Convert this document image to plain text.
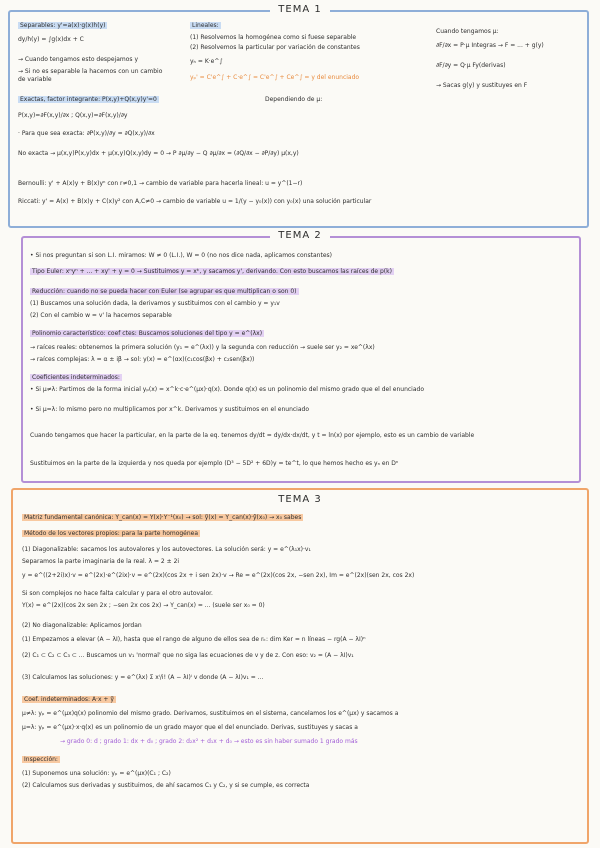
TEMA 1
Separables: y'=a(x)·g(x)h(y)
dy/h(y) = ∫g(x)dx + C
→ Cuando tengamos esto despejamos y
→ Si no es separable la hacemos con un cambio de variable
Exactas, factor integrante: P(x,y)+Q(x,y)y'=0
P(x,y)=∂F(x,y)/∂x ; Q(x,y)=∂F(x,y)/∂y
· Para que sea exacta: ∂P(x,y)/∂y = ∂Q(x,y)/∂x
No exacta → μ(x,y)P(x,y)dx + μ(x,y)Q(x,y)dy = 0 → P ∂μ/∂y − Q ∂μ/∂x = (∂Q/∂x − ∂P/∂y) μ(x,y)
Bernoulli: y' + A(x)y + B(x)yⁿ con r≠0,1 → cambio de variable para hacerla lineal: u = y^(1−r)
Riccati: y' = A(x) + B(x)y + C(x)y² con A,C≠0 → cambio de variable u = 1/(y − y₀(x)) con y₀(x) una solución particular
Lineales:
(1) Resolvemos la homogénea como si fuese separable
(2) Resolvemos la particular por variación de constantes
yₕ = K·e^∫
yₚ' = C'e^∫ + C·e^∫ = C'e^∫ + Ce^∫ = y del enunciado
Dependiendo de μ:
Cuando tengamos μ:
∂F/∂x = P·μ Integras → F = ... + g(y)
∂F/∂y = Q·μ Fy(derivas)
→ Sacas g(y) y sustituyes en F
TEMA 2
• Si nos preguntan si son L.I. miramos: W ≠ 0 (L.I.), W = 0 (no nos dice nada, aplicamos constantes)
Tipo Euler: xⁿyⁿ + ... + xy' + y = 0 → Sustituimos y = xᵏ, y sacamos y', derivando. Con esto buscamos las raíces de p(k)
Reducción: cuando no se pueda hacer con Euler (se agrupar es que multiplican o son 0)
(1) Buscamos una solución dada, la derivamos y sustituimos con el cambio y = y₁v
(2) Con el cambio w = v' la hacemos separable
Polinomio característico: coef ctes: Buscamos soluciones del tipo y = e^(λx)
→ raíces reales: obtenemos la primera solución (y₁ = e^(λx)) y la segunda con reducción → suele ser y₂ = xe^(λx)
→ raíces complejas: λ = α ± iβ → sol: y(x) = e^(αx)(c₁cos(βx) + c₂sen(βx))
Coeficientes indeterminados:
• Si μ≠λ: Partimos de la forma inicial yₚ(x) = x^k·c·e^(μx)·q(x). Donde q(x) es un polinomio del mismo grado que el del enunciado
• Si μ=λ: lo mismo pero no multiplicamos por x^k. Derivamos y sustituimos en el enunciado
Cuando tengamos que hacer la particular, en la parte de la eq. tenemos dy/dt = dy/dx·dx/dt, y t = ln(x) por ejemplo, esto es un cambio de variable
Sustituimos en la parte de la izquierda y nos queda por ejemplo (D³ − 5D² + 6D)y = te^t, lo que hemos hecho es yₙ en Dⁿ
TEMA 3
Matriz fundamental canónica: Y_can(x) = Y(x)·Y⁻¹(x₀) → sol: ỹ(x) = Y_can(x)·ỹ(x₀) → x₀ sabes
Método de los vectores propios: para la parte homogénea
(1) Diagonalizable: sacamos los autovalores y los autovectores. La solución será: y = e^(λ₁x)·v₁
Separamos la parte imaginaria de la real. λ = 2 ± 2i
y = e^((2+2i)x)·v = e^(2x)·e^(2ix)·v = e^(2x)(cos 2x + i sen 2x)·v → Re = e^(2x)(cos 2x, −sen 2x), Im = e^(2x)(sen 2x, cos 2x)
Si son complejos no hace falta calcular y para el otro autovalor.
Y(x) = e^(2x)(cos 2x sen 2x ; −sen 2x cos 2x) → Y_can(x) = ... (suele ser x₀ = 0)
(2) No diagonalizable: Aplicamos Jordan
(1) Empezamos a elevar (A − λI), hasta que el rango de alguno de ellos sea de rₖ: dim Ker = n líneas − rg(A − λI)ⁿ
(2) C₁ ⊂ C₂ ⊂ C₃ ⊂ ... Buscamos un v₁ 'normal' que no siga las ecuaciones de v y de z. Con eso: v₂ = (A − λI)v₁
(3) Calculamos las soluciones: y = e^(λx) Σ xⁱ/i! (A − λI)ⁱ v donde (A − λI)v₁ = ...
Coef. indeterminados: A·x + ỹ
μ≠λ: yₚ = e^(μx)q(x) polinomio del mismo grado. Derivamos, sustituimos en el sistema, cancelamos los e^(μx) y sacamos a
μ=λ: yₚ = e^(μx)·x·q(x) es un polinomio de un grado mayor que el del enunciado. Derivas, sustituyes y sacas a
→ grado 0: d ; grado 1: dx + d₀ ; grado 2: d₂x² + d₁x + d₀ → esto es sin haber sumado 1 grado más
Inspección:
(1) Suponemos una solución: yₚ = e^(μx)(C₁ ; C₂)
(2) Calculamos sus derivadas y sustituimos, de ahí sacamos C₁ y C₂, y si se cumple, es correcta
